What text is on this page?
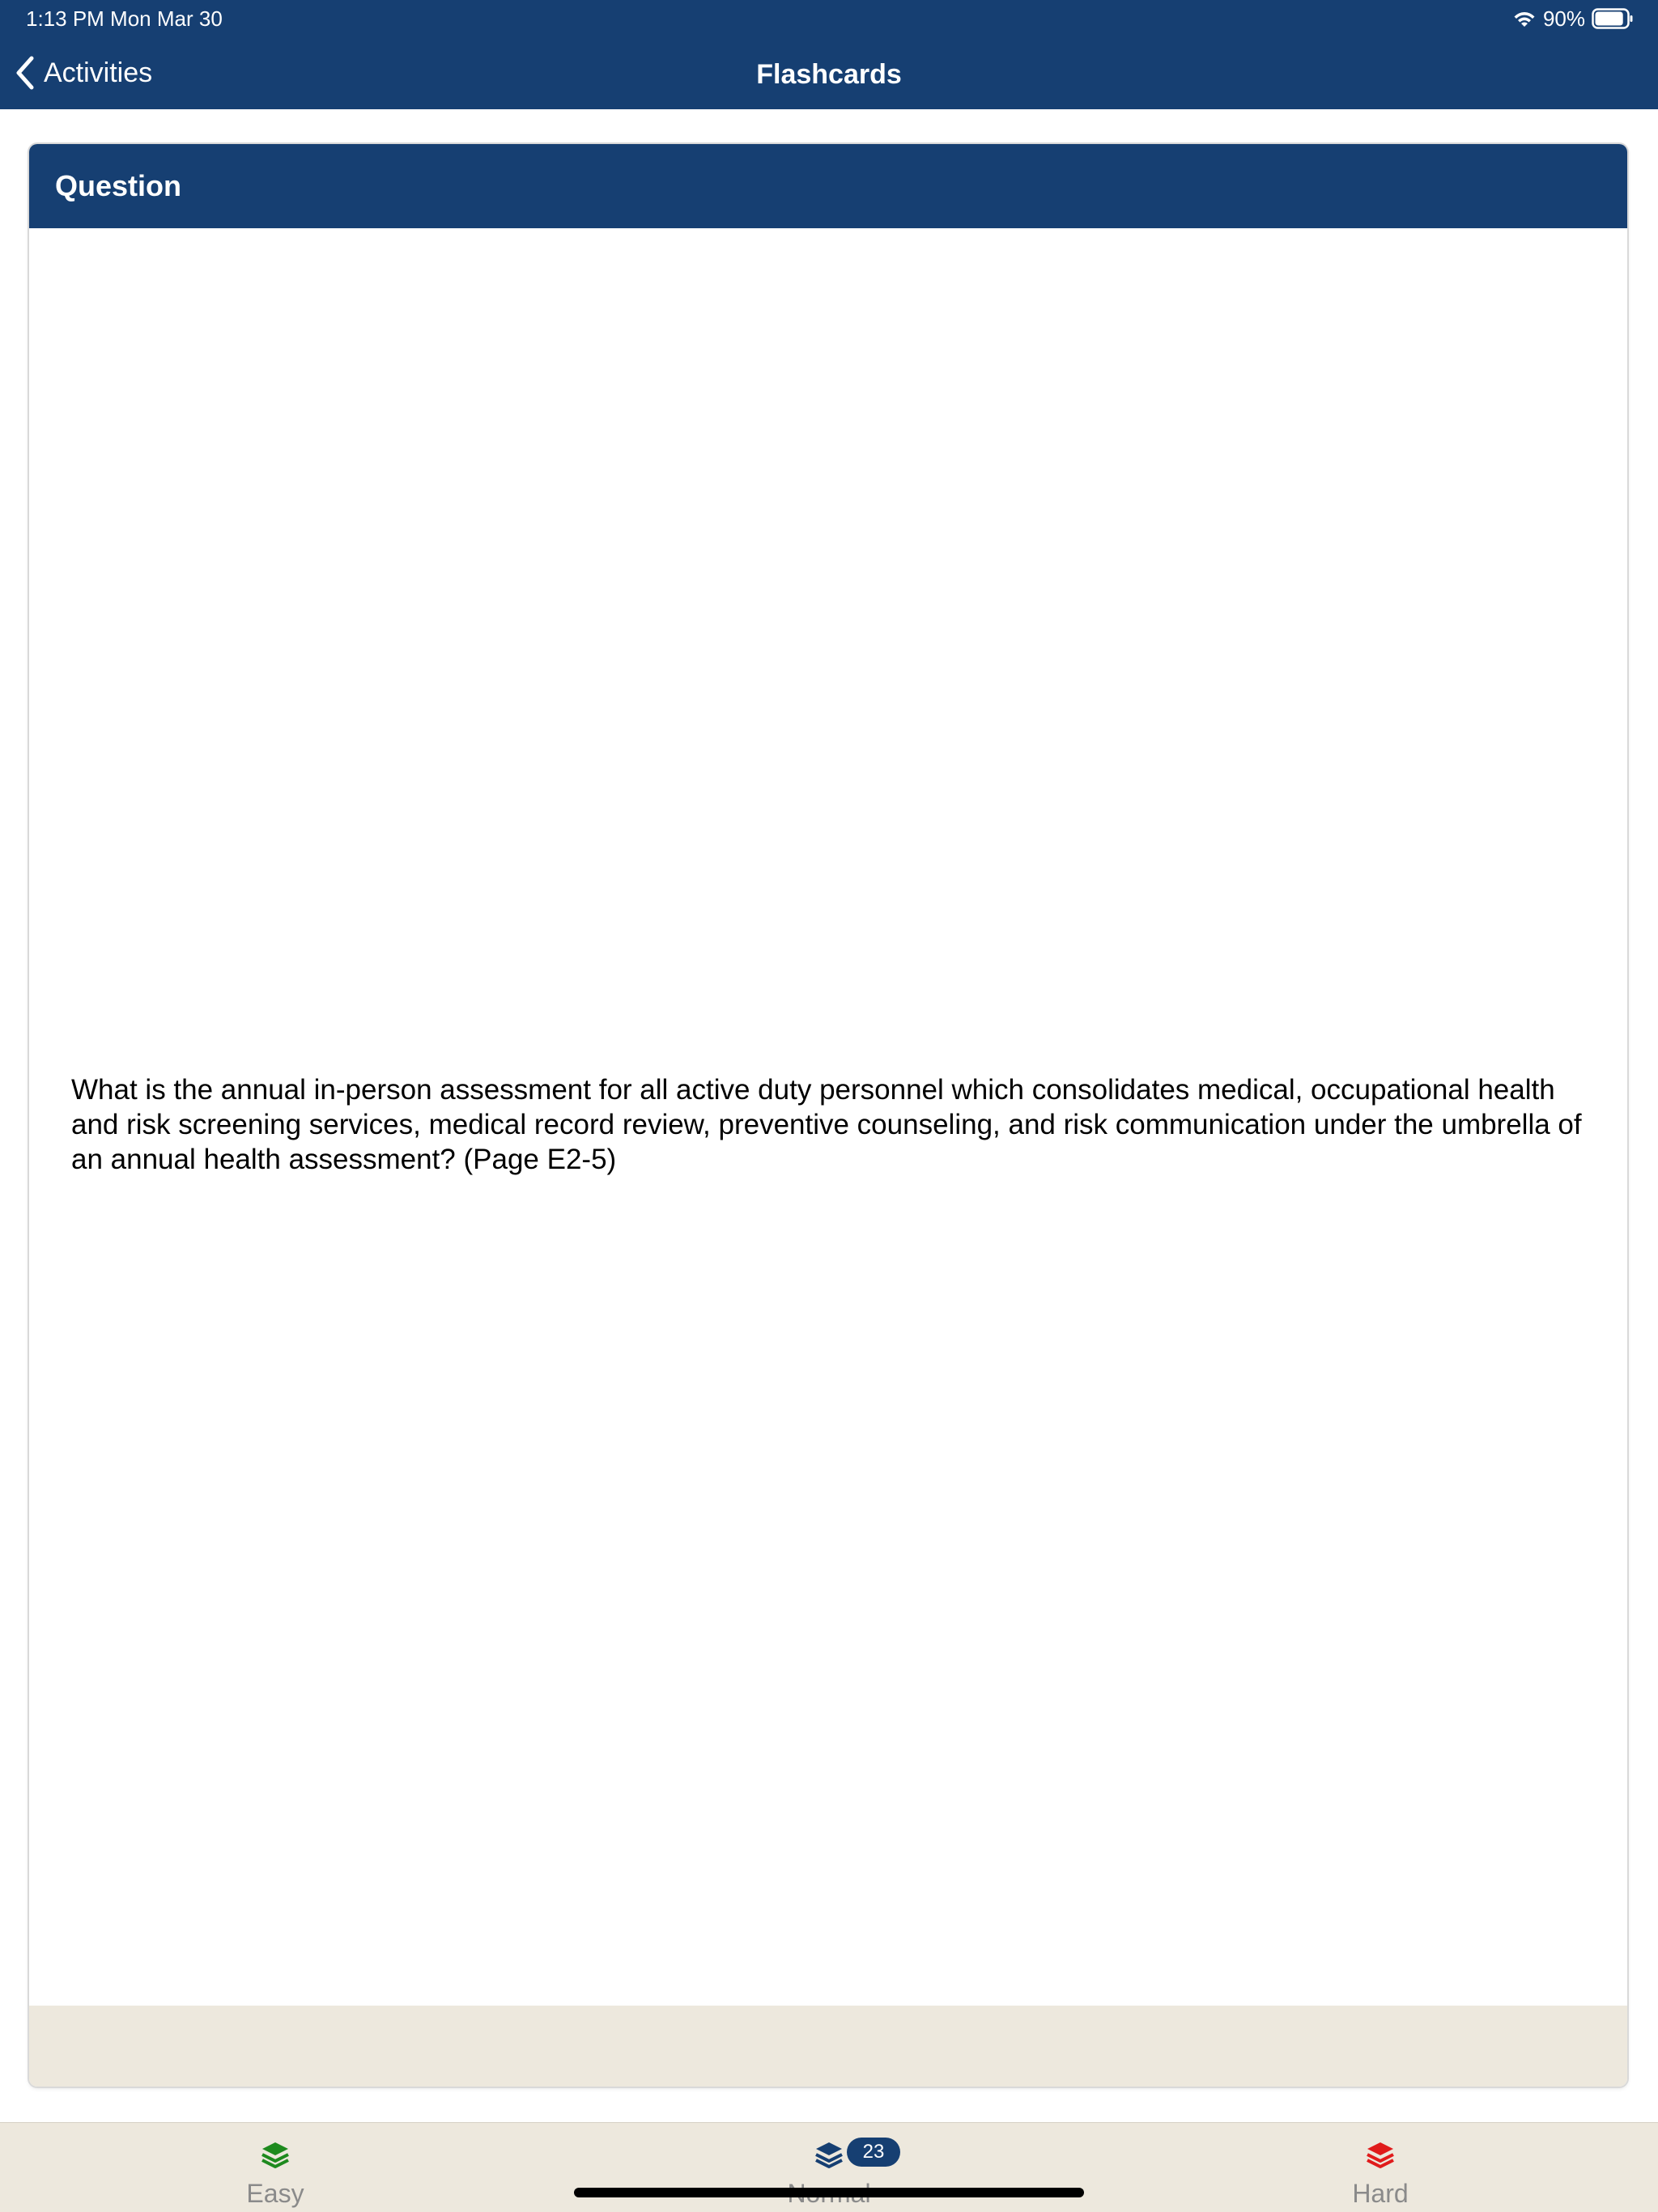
1:13 PM Mon Mar 30	90%
Activities	Flashcards
Question
What is the annual in-person assessment for all active duty personnel which consolidates medical, occupational health and risk screening services, medical record review, preventive counseling, and risk communication under the umbrella of an annual health assessment? (Page E2-5)
Easy
23
Hard
